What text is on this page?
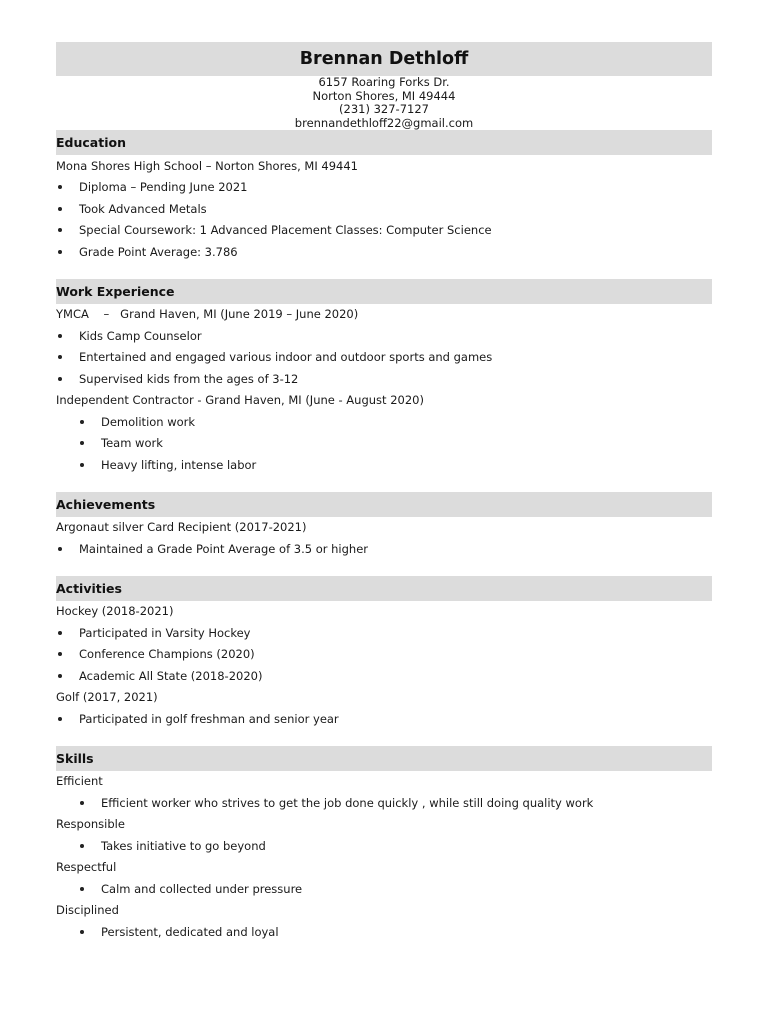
Brennan Dethloff
6157 Roaring Forks Dr.
Norton Shores, MI 49444
(231) 327-7127
brennandethloff22@gmail.com
Education
Mona Shores High School – Norton Shores, MI 49441
Diploma – Pending June 2021
Took Advanced Metals
Special Coursework: 1 Advanced Placement Classes: Computer Science
Grade Point Average: 3.786
Work Experience
YMCA    –   Grand Haven, MI (June 2019 – June 2020)
Kids Camp Counselor
Entertained and engaged various indoor and outdoor sports and games
Supervised kids from the ages of 3-12
Independent Contractor - Grand Haven, MI (June - August 2020)
Demolition work
Team work
Heavy lifting, intense labor
Achievements
Argonaut silver Card Recipient (2017-2021)
Maintained a Grade Point Average of 3.5 or higher
Activities
Hockey (2018-2021)
Participated in Varsity Hockey
Conference Champions (2020)
Academic All State (2018-2020)
Golf (2017, 2021)
Participated in golf freshman and senior year
Skills
Efficient
Efficient worker who strives to get the job done quickly , while still doing quality work
Responsible
Takes initiative to go beyond
Respectful
Calm and collected under pressure
Disciplined
Persistent, dedicated and loyal
